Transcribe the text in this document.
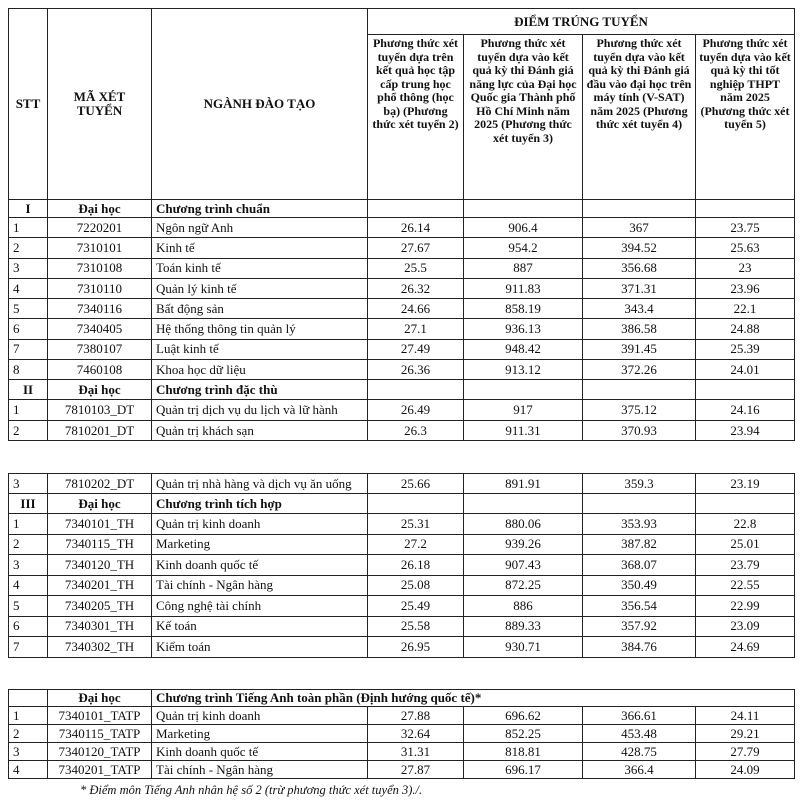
STT	MÃ XÉT TUYỂN	NGÀNH ĐÀO TẠO	ĐIỂM TRÚNG TUYỂN			
			Phương thức xét tuyển dựa trên kết quả học tập cấp trung học phổ thông (học bạ) (Phương thức xét tuyển 2)	Phương thức xét tuyển dựa vào kết quả kỳ thi Đánh giá năng lực của Đại học Quốc gia Thành phố Hồ Chí Minh năm 2025 (Phương thức xét tuyển 3)	Phương thức xét tuyển dựa vào kết quả kỳ thi Đánh giá đầu vào đại học trên máy tính (V-SAT) năm 2025 (Phương thức xét tuyển 4)	Phương thức xét tuyển dựa vào kết quả kỳ thi tốt nghiệp THPT năm 2025 (Phương thức xét tuyển 5)
I	Đại học	Chương trình chuẩn				
1	7220201	Ngôn ngữ Anh	26.14	906.4	367	23.75
2	7310101	Kinh tế	27.67	954.2	394.52	25.63
3	7310108	Toán kinh tế	25.5	887	356.68	23
4	7310110	Quản lý kinh tế	26.32	911.83	371.31	23.96
5	7340116	Bất động sản	24.66	858.19	343.4	22.1
6	7340405	Hệ thống thông tin quản lý	27.1	936.13	386.58	24.88
7	7380107	Luật kinh tế	27.49	948.42	391.45	25.39
8	7460108	Khoa học dữ liệu	26.36	913.12	372.26	24.01
II	Đại học	Chương trình đặc thù				
1	7810103_DT	Quản trị dịch vụ du lịch và lữ hành	26.49	917	375.12	24.16
2	7810201_DT	Quản trị khách sạn	26.3	911.31	370.93	23.94
3	7810202_DT	Quản trị nhà hàng và dịch vụ ăn uống	25.66	891.91	359.3	23.19
III	Đại học	Chương trình tích hợp				
1	7340101_TH	Quản trị kinh doanh	25.31	880.06	353.93	22.8
2	7340115_TH	Marketing	27.2	939.26	387.82	25.01
3	7340120_TH	Kinh doanh quốc tế	26.18	907.43	368.07	23.79
4	7340201_TH	Tài chính - Ngân hàng	25.08	872.25	350.49	22.55
5	7340205_TH	Công nghệ tài chính	25.49	886	356.54	22.99
6	7340301_TH	Kế toán	25.58	889.33	357.92	23.09
7	7340302_TH	Kiểm toán	26.95	930.71	384.76	24.69
	Đại học	Chương trình Tiếng Anh toàn phần (Định hướng quốc tế)*				
1	7340101_TATP	Quản trị kinh doanh	27.88	696.62	366.61	24.11
2	7340115_TATP	Marketing	32.64	852.25	453.48	29.21
3	7340120_TATP	Kinh doanh quốc tế	31.31	818.81	428.75	27.79
4	7340201_TATP	Tài chính - Ngân hàng	27.87	696.17	366.4	24.09
* Điểm môn Tiếng Anh nhân hệ số 2 (trừ phương thức xét tuyển 3)./.
